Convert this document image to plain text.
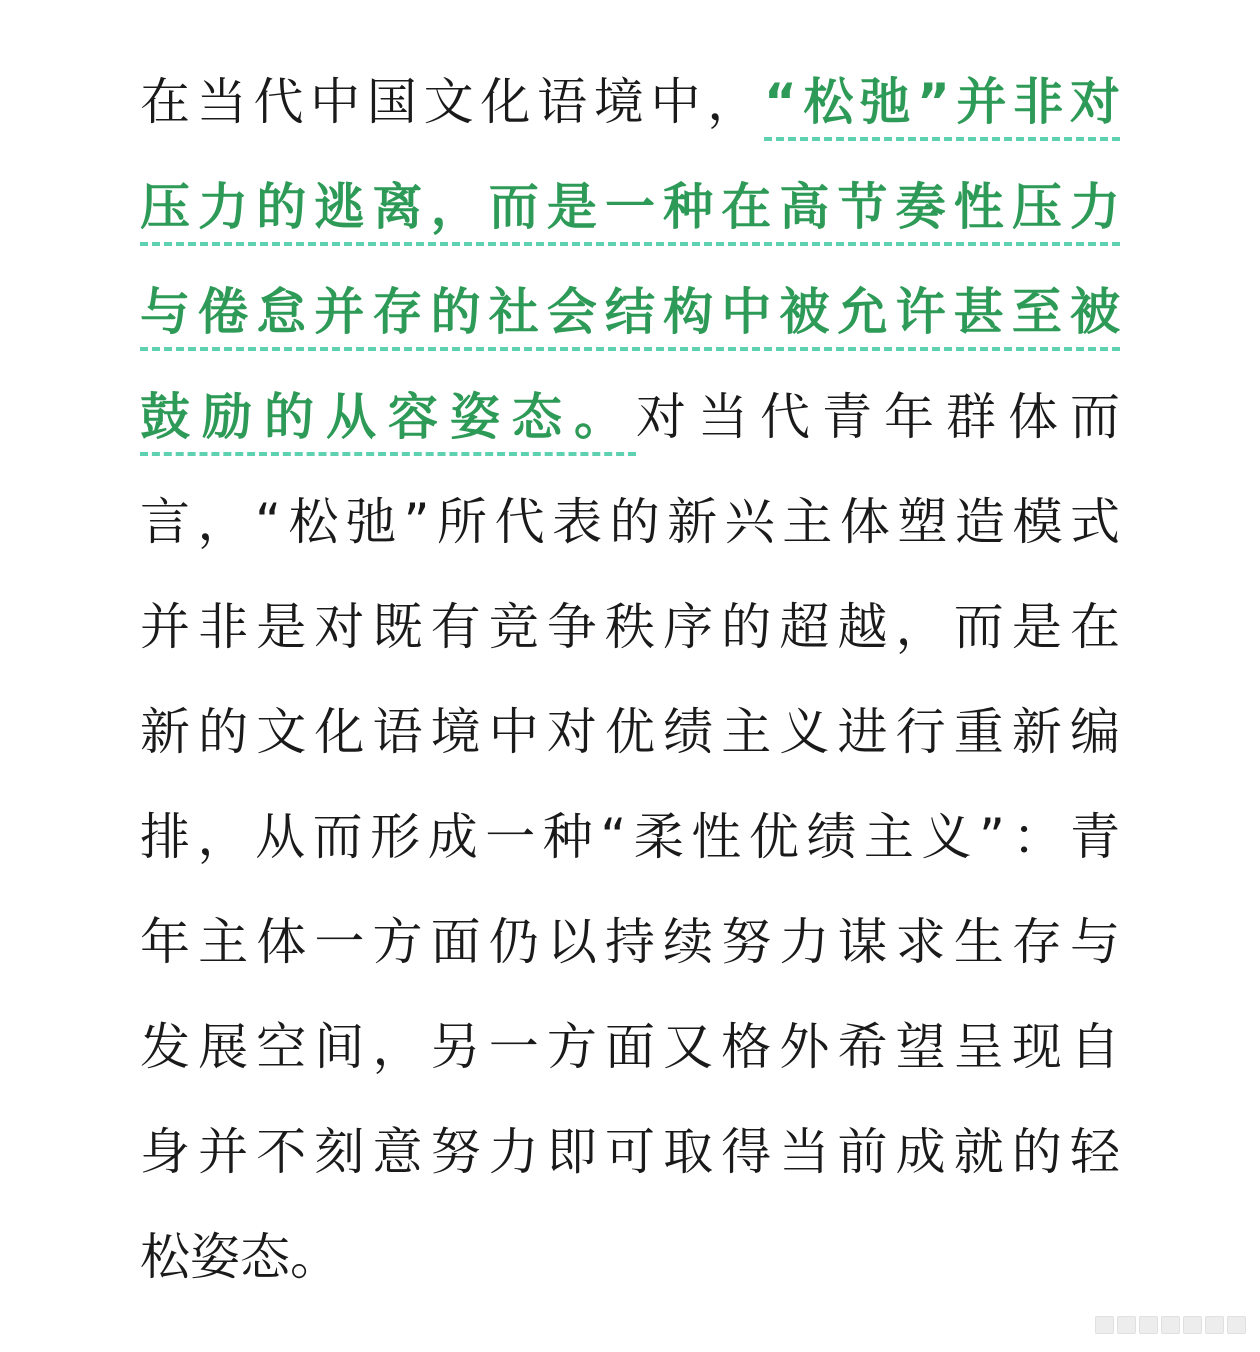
在当代中国文化语境中，“松弛”并非对
压力的逃离，而是一种在高节奏性压力
与倦怠并存的社会结构中被允许甚至被
鼓励的从容姿态。对当代青年群体而
言，“松弛”所代表的新兴主体塑造模式
并非是对既有竞争秩序的超越，而是在
新的文化语境中对优绩主义进行重新编
排，从而形成一种“柔性优绩主义”：青
年主体一方面仍以持续努力谋求生存与
发展空间，另一方面又格外希望呈现自
身并不刻意努力即可取得当前成就的轻
松姿态。
